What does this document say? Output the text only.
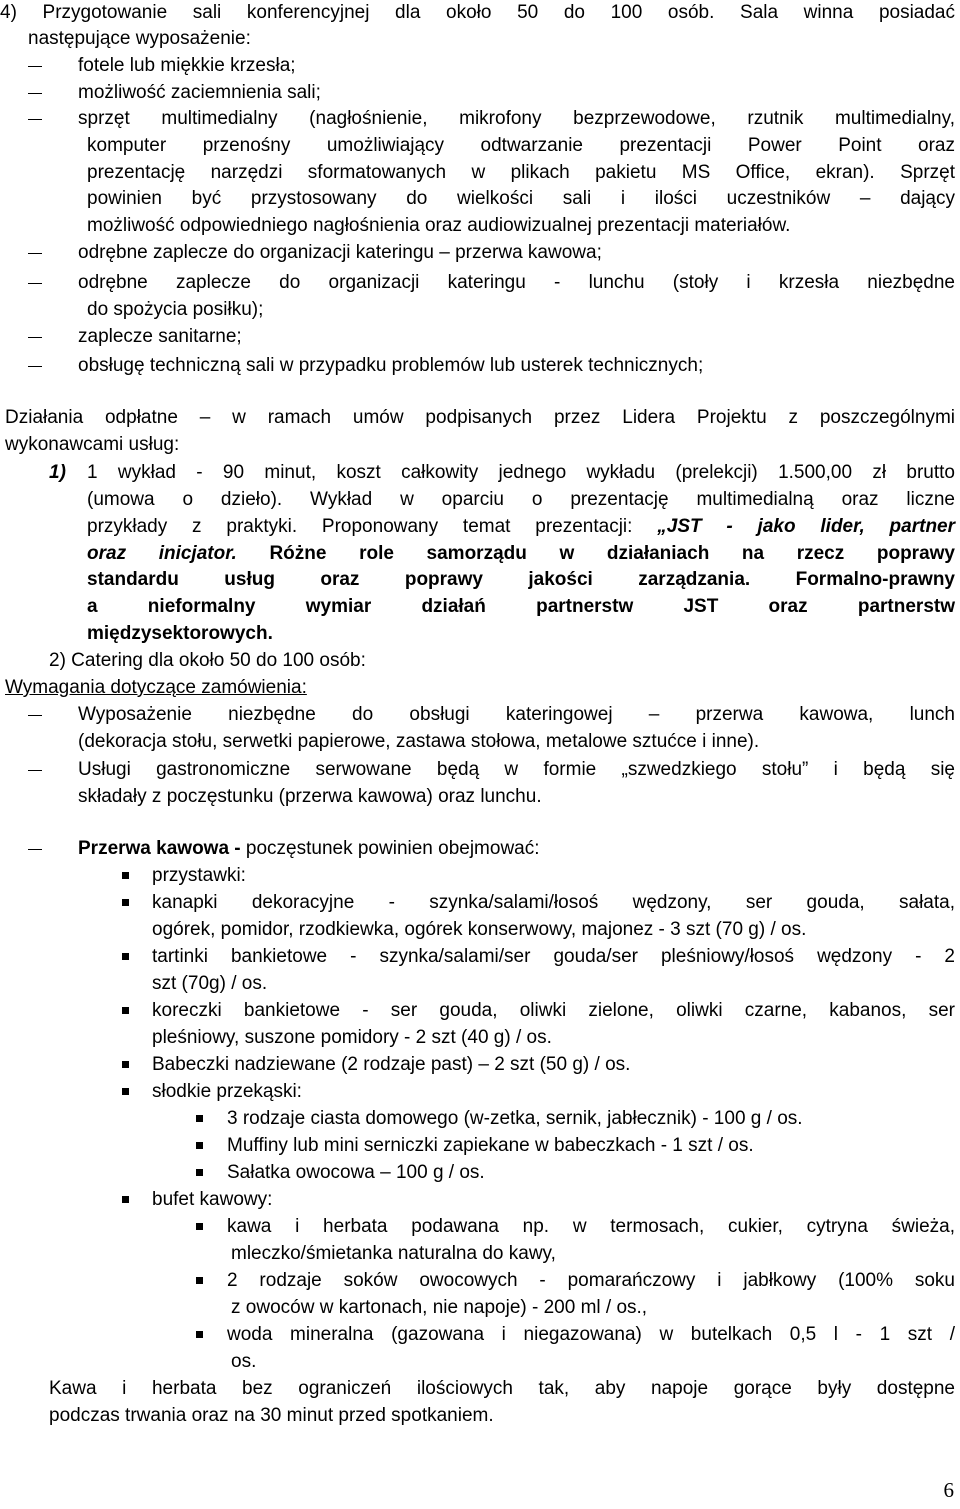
4) Przygotowanie sali konferencyjnej dla około 50 do 100 osób. Sala winna posiadać
następujące wyposażenie:
fotele lub miękkie krzesła;
możliwość zaciemnienia sali;
sprzęt multimedialny (nagłośnienie, mikrofony bezprzewodowe, rzutnik multimedialny,
komputer przenośny umożliwiający odtwarzanie prezentacji Power Point oraz
prezentację narzędzi sformatowanych w plikach pakietu MS Office, ekran). Sprzęt
powinien być przystosowany do wielkości sali i ilości uczestników – dający
możliwość odpowiedniego nagłośnienia oraz audiowizualnej prezentacji materiałów.
odrębne zaplecze do organizacji kateringu – przerwa kawowa;
odrębne zaplecze do organizacji kateringu - lunchu (stoły i krzesła niezbędne
do spożycia posiłku);
zaplecze sanitarne;
obsługę techniczną sali w przypadku problemów lub usterek technicznych;
Działania odpłatne – w ramach umów podpisanych przez Lidera Projektu z poszczególnymi
wykonawcami usług:
1)	1 wykład - 90 minut, koszt całkowity jednego wykładu (prelekcji) 1.500,00 zł brutto
(umowa o dzieło). Wykład w oparciu o prezentację multimedialną oraz liczne
przykłady z praktyki. Proponowany temat prezentacji: „JST - jako lider, partner
oraz inicjator. Różne role samorządu w działaniach na rzecz poprawy
standardu usług oraz poprawy jakości zarządzania. Formalno-prawny
a nieformalny wymiar działań partnerstw JST oraz partnerstw
międzysektorowych.
2) Catering dla około 50 do 100 osób:
Wymagania dotyczące zamówienia:
Wyposażenie niezbędne do obsługi kateringowej – przerwa kawowa, lunch
(dekoracja stołu, serwetki papierowe, zastawa stołowa, metalowe sztućce i inne).
Usługi gastronomiczne serwowane będą w formie „szwedzkiego stołu” i będą się
składały z poczęstunku (przerwa kawowa) oraz lunchu.
Przerwa kawowa - poczęstunek powinien obejmować:
przystawki:
kanapki dekoracyjne - szynka/salami/łosoś wędzony, ser gouda, sałata,
ogórek, pomidor, rzodkiewka, ogórek konserwowy, majonez - 3 szt (70 g) / os.
tartinki bankietowe - szynka/salami/ser gouda/ser pleśniowy/łosoś wędzony - 2
szt (70g) / os.
koreczki bankietowe - ser gouda, oliwki zielone, oliwki czarne, kabanos, ser
pleśniowy, suszone pomidory - 2 szt (40 g) / os.
Babeczki nadziewane (2 rodzaje past) – 2 szt (50 g) / os.
słodkie przekąski:
3 rodzaje ciasta domowego (w-zetka, sernik, jabłecznik) - 100 g / os.
Muffiny lub mini serniczki zapiekane w babeczkach - 1 szt / os.
Sałatka owocowa – 100 g / os.
bufet kawowy:
kawa i herbata podawana np. w termosach, cukier, cytryna świeża,
mleczko/śmietanka naturalna do kawy,
2 rodzaje soków owocowych - pomarańczowy i jabłkowy (100% soku
z owoców w kartonach, nie napoje) - 200 ml / os.,
woda mineralna (gazowana i niegazowana) w butelkach 0,5 l - 1 szt /
os.
Kawa i herbata bez ograniczeń ilościowych tak, aby napoje gorące były dostępne
podczas trwania oraz na 30 minut przed spotkaniem.
6
